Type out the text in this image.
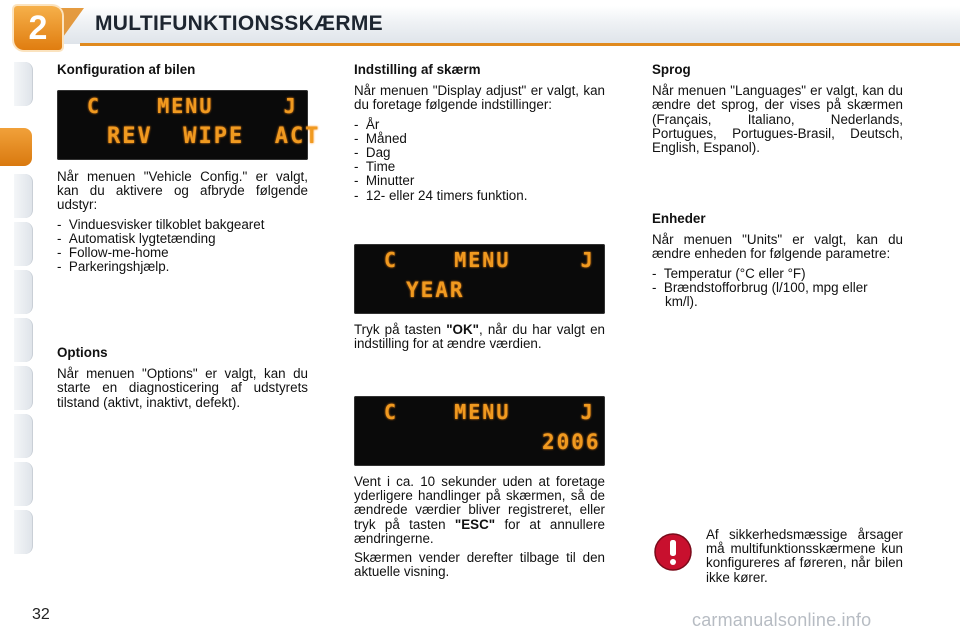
2	MULTIFUNKTIONSSKÆRME
Konfiguration af bilen
C    MENU     J
REV  WIPE  ACT

Når menuen "Vehicle Config." er valgt, kan du aktivere og afbryde følgende udstyr:

-  Vinduesvisker tilkoblet bakgearet
-  Automatisk lygtetænding
-  Follow-me-home
-  Parkeringshjælp.
Options

Når menuen "Options" er valgt, kan du starte en diagnosticering af udstyrets tilstand (aktivt, inaktivt, defekt).

Indstilling af skærm

Når menuen "Display adjust" er valgt, kan du foretage følgende indstillinger:

-  År
-  Måned
-  Dag
-  Time
-  Minutter
-  12- eller 24 timers funktion.
C    MENU     J
YEAR

Tryk på tasten "OK", når du har valgt en indstilling for at ændre værdien.

C    MENU     J
2006

Vent i ca. 10 sekunder uden at foretage yderligere handlinger på skærmen, så de ændrede værdier bliver registreret, eller tryk på tasten "ESC" for at annullere ændringerne.

Skærmen vender derefter tilbage til den aktuelle visning.

Sprog

Når menuen "Languages" er valgt, kan du ændre det sprog, der vises på skærmen (Français, Italiano, Nederlands, Portugues, Portugues-Brasil, Deutsch, English, Espanol).

Enheder

Når menuen "Units" er valgt, kan du ændre enheden for følgende parametre:

-  Temperatur (°C eller °F)
-  Brændstofforbrug (l/100, mpg eller km/l).

Af sikkerhedsmæssige årsager må multifunktionsskærmene kun konfigureres af føreren, når bilen ikke kører.

32	carmanualsonline.info
